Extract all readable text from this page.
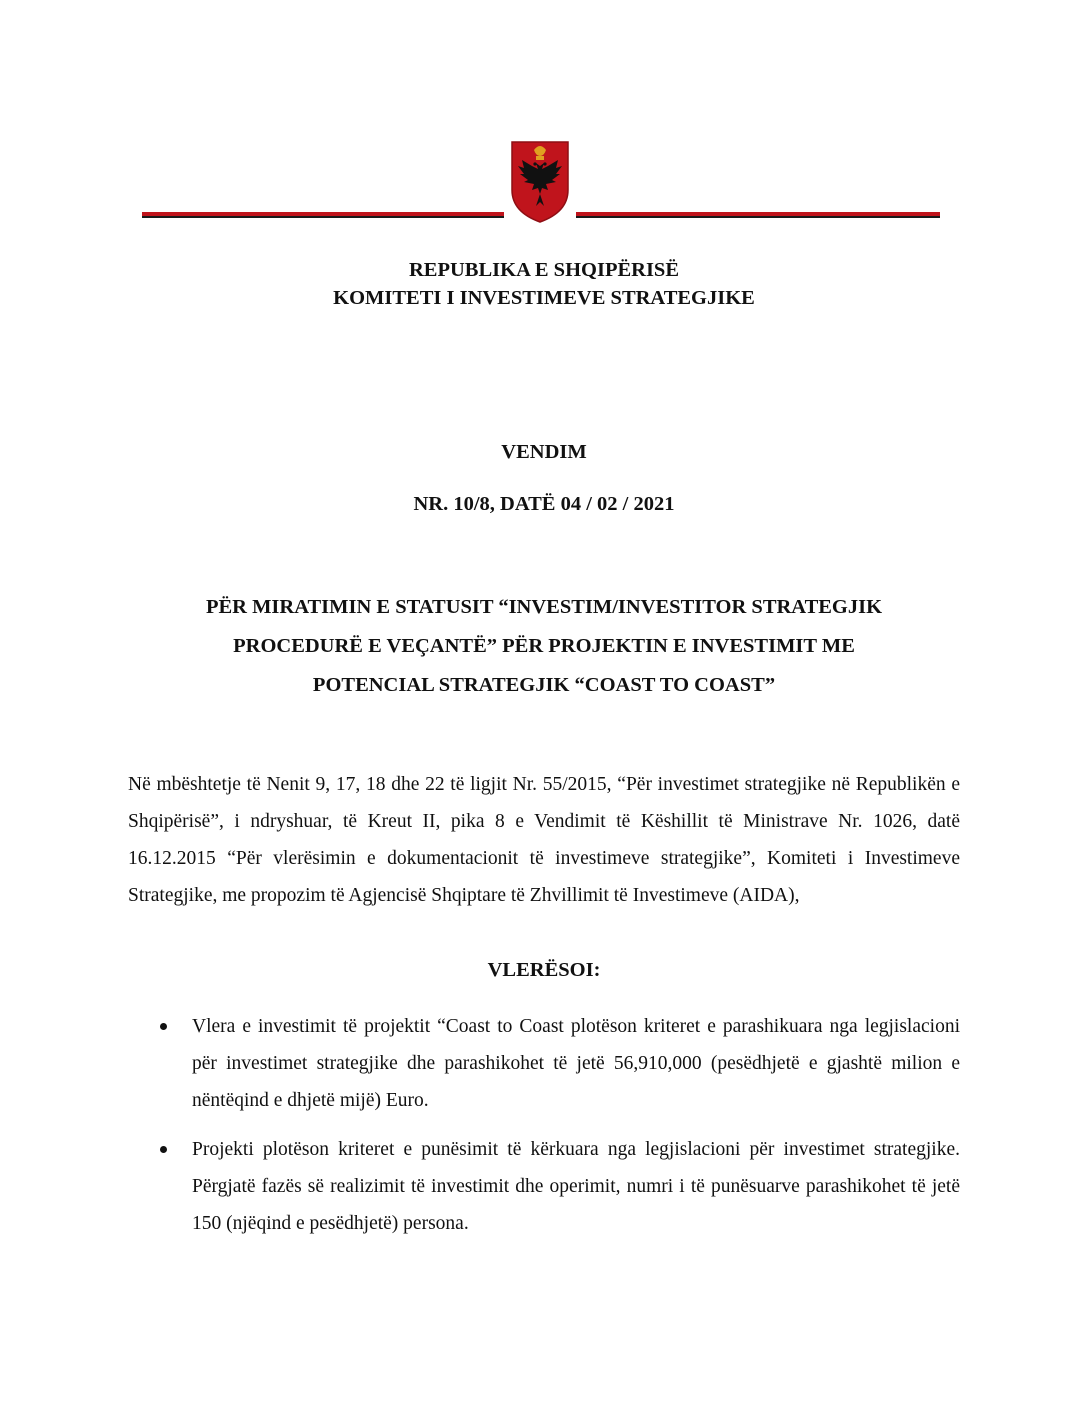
REPUBLIKA E SHQIPËRISË
KOMITETI I INVESTIMEVE STRATEGJIKE
VENDIM
NR. 10/8, DATË 04 / 02 / 2021
PËR MIRATIMIN E STATUSIT “INVESTIM/INVESTITOR STRATEGJIK
PROCEDURË E VEÇANTË” PËR PROJEKTIN E INVESTIMIT ME
POTENCIAL STRATEGJIK “COAST TO COAST”
Në mbështetje të Nenit 9, 17, 18 dhe 22 të ligjit Nr. 55/2015, “Për investimet strategjike në Republikën e Shqipërisë”, i ndryshuar, të Kreut II, pika 8 e Vendimit të Këshillit të Ministrave Nr. 1026, datë 16.12.2015 “Për vlerësimin e dokumentacionit të investimeve strategjike”, Komiteti i Investimeve Strategjike, me propozim të Agjencisë Shqiptare të Zhvillimit të Investimeve (AIDA),
VLERËSOI:
Vlera e investimit të projektit “Coast to Coast plotëson kriteret e parashikuara nga legjislacioni për investimet strategjike dhe parashikohet të jetë 56,910,000 (pesëdhjetë e gjashtë milion e nëntëqind e dhjetë mijë) Euro.
Projekti plotëson kriteret e punësimit të kërkuara nga legjislacioni për investimet strategjike. Përgjatë fazës së realizimit të investimit dhe operimit, numri i të punësuarve parashikohet të jetë 150 (njëqind e pesëdhjetë) persona.
